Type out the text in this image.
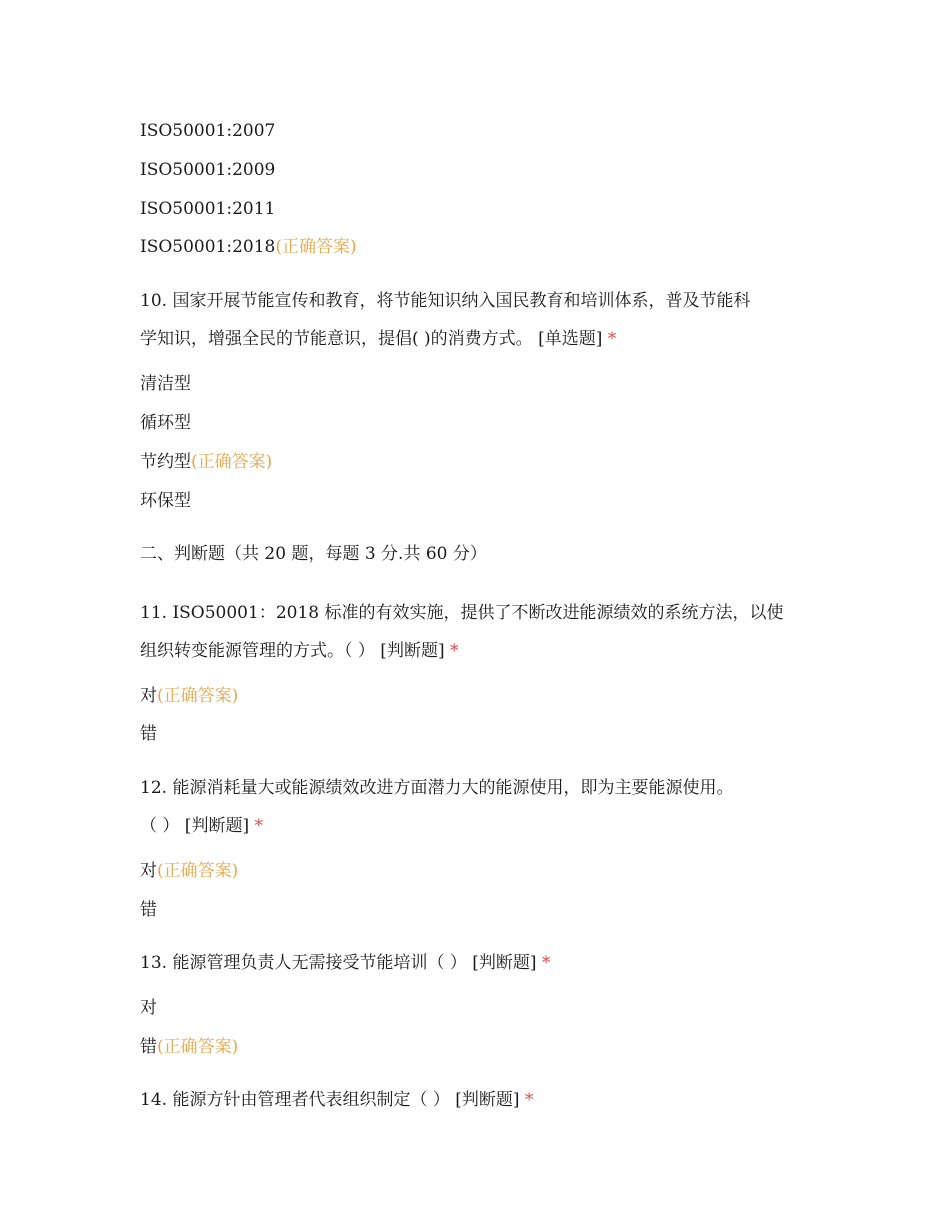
ISO50001:2007
ISO50001:2009
ISO50001:2011
ISO50001:2018(正确答案)
10. 国家开展节能宣传和教育，将节能知识纳入国民教育和培训体系，普及节能科
学知识，增强全民的节能意识，提倡( )的消费方式。 [单选题] *
清洁型
循环型
节约型(正确答案)
环保型
二、判断题（共 20 题，每题 3 分.共 60 分）
11. ISO50001：2018 标准的有效实施，提供了不断改进能源绩效的系统方法，以使
组织转变能源管理的方式。（ ） [判断题] *
对(正确答案)
错
12. 能源消耗量大或能源绩效改进方面潜力大的能源使用，即为主要能源使用。
（ ） [判断题] *
对(正确答案)
错
13. 能源管理负责人无需接受节能培训（ ） [判断题] *
对
错(正确答案)
14. 能源方针由管理者代表组织制定（ ） [判断题] *
